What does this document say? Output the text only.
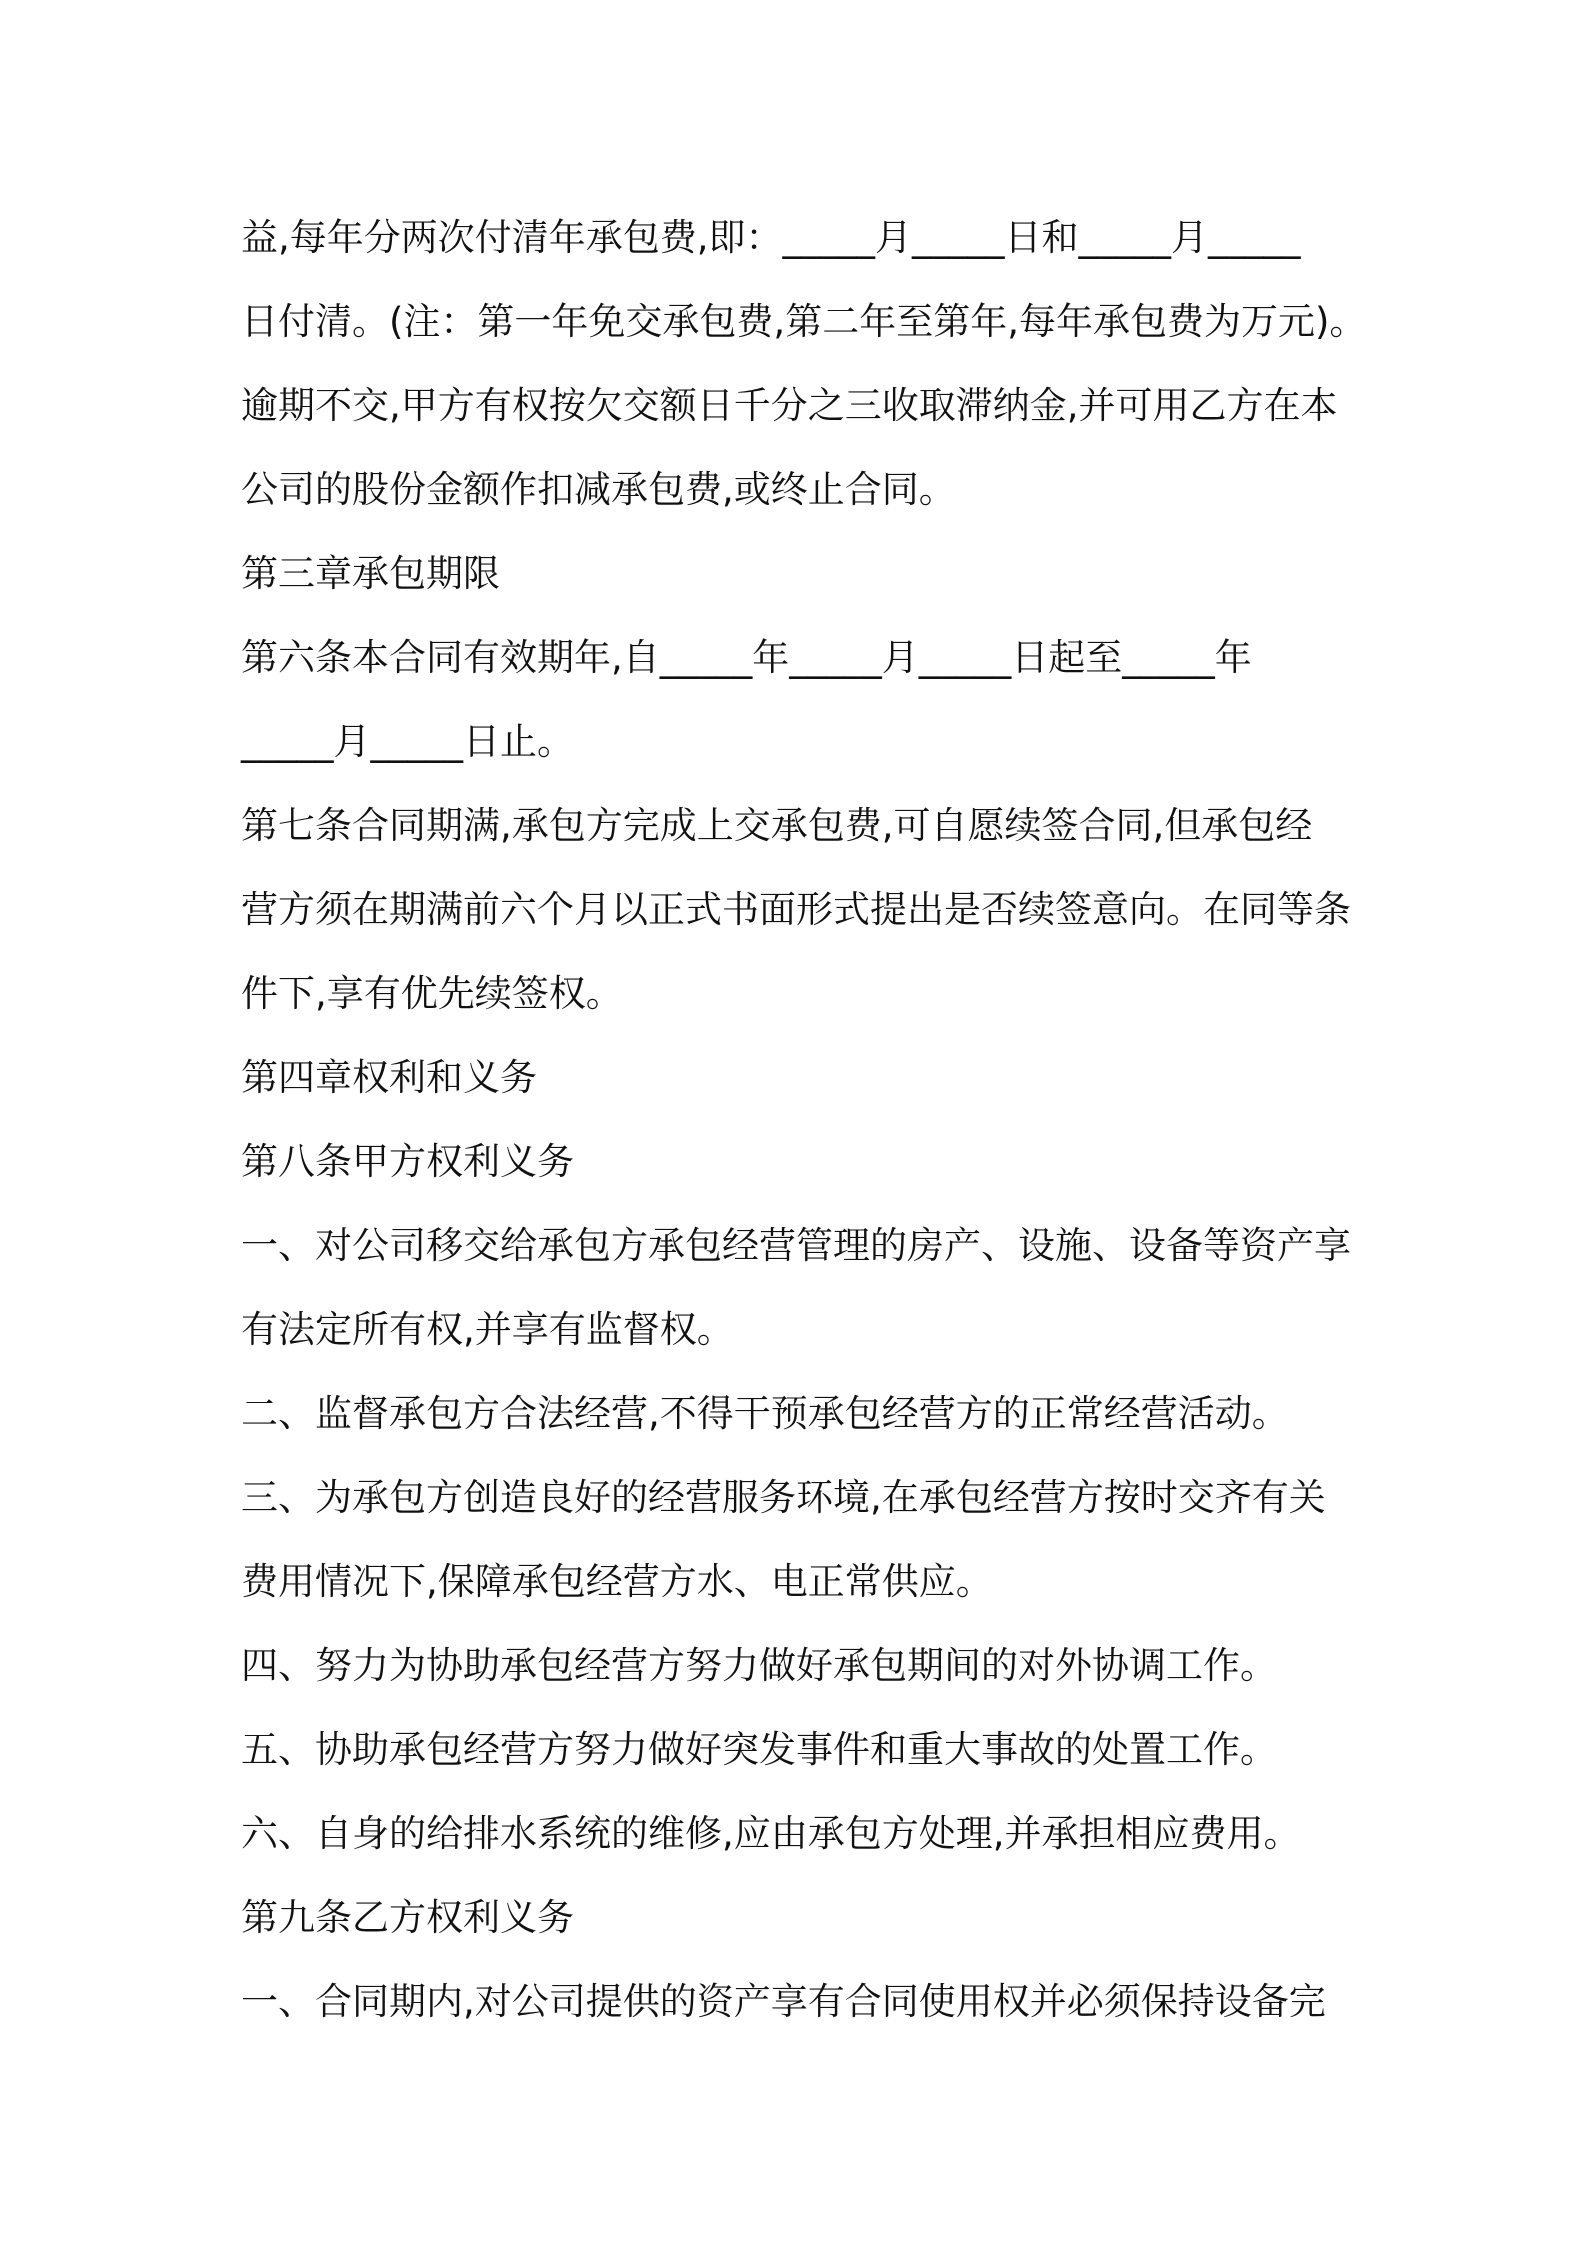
益,每年分两次付清年承包费,即：_____月_____日和_____月_____

日付清。(注：第一年免交承包费,第二年至第年,每年承包费为万元)。

逾期不交,甲方有权按欠交额日千分之三收取滞纳金,并可用乙方在本

公司的股份金额作扣减承包费,或终止合同。

第三章承包期限

第六条本合同有效期年,自_____年_____月_____日起至_____年

_____月_____日止。

第七条合同期满,承包方完成上交承包费,可自愿续签合同,但承包经

营方须在期满前六个月以正式书面形式提出是否续签意向。在同等条

件下,享有优先续签权。

第四章权利和义务

第八条甲方权利义务

一、对公司移交给承包方承包经营管理的房产、设施、设备等资产享

有法定所有权,并享有监督权。

二、监督承包方合法经营,不得干预承包经营方的正常经营活动。

三、为承包方创造良好的经营服务环境,在承包经营方按时交齐有关

费用情况下,保障承包经营方水、电正常供应。

四、努力为协助承包经营方努力做好承包期间的对外协调工作。

五、协助承包经营方努力做好突发事件和重大事故的处置工作。

六、自身的给排水系统的维修,应由承包方处理,并承担相应费用。

第九条乙方权利义务

一、合同期内,对公司提供的资产享有合同使用权并必须保持设备完
